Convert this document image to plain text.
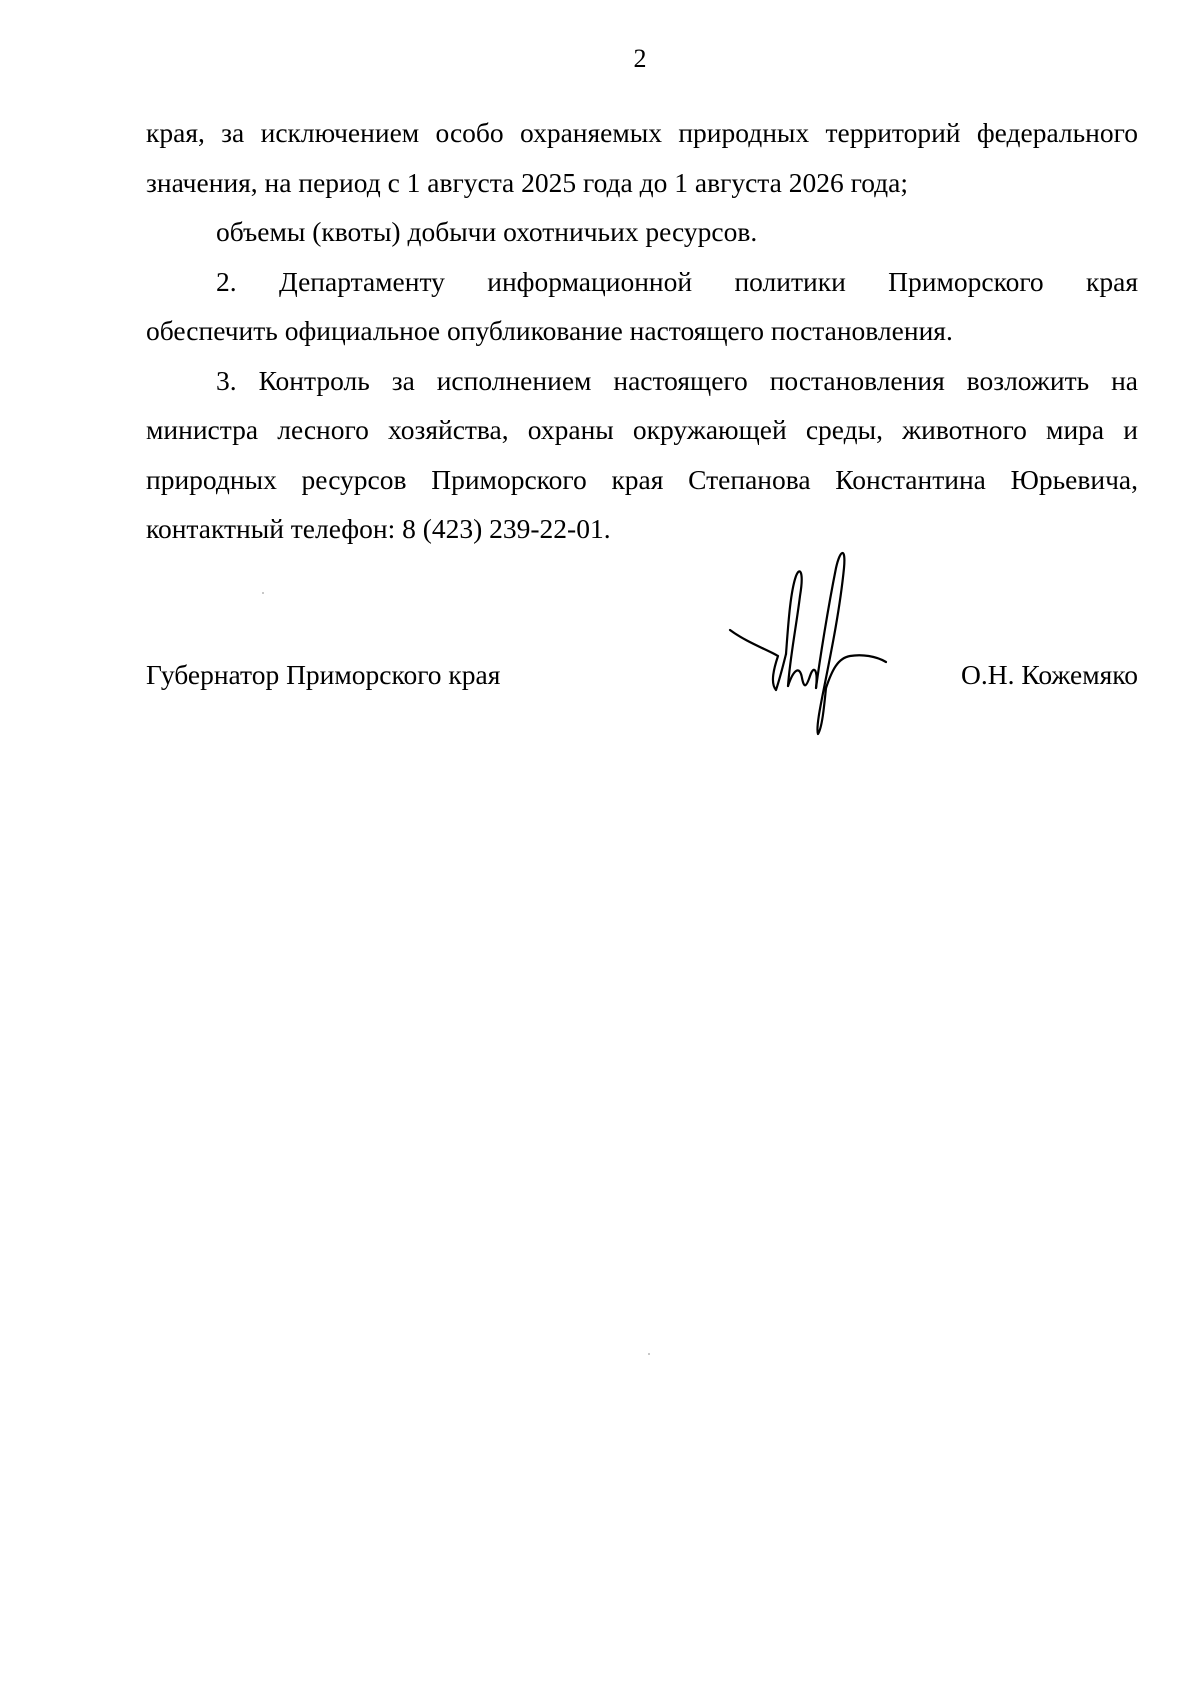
2

края, за исключением особо охраняемых природных территорий федерального
значения, на период с 1 августа 2025 года до 1 августа 2026 года;

объемы (квоты) добычи охотничьих ресурсов.

2. Департаменту информационной политики Приморского края
обеспечить официальное опубликование настоящего постановления.

3. Контроль за исполнением настоящего постановления возложить на
министра лесного хозяйства, охраны окружающей среды, животного мира и
природных ресурсов Приморского края Степанова Константина Юрьевича,
контактный телефон: 8 (423) 239-22-01.

Губернатор Приморского края	О.Н. Кожемяко
